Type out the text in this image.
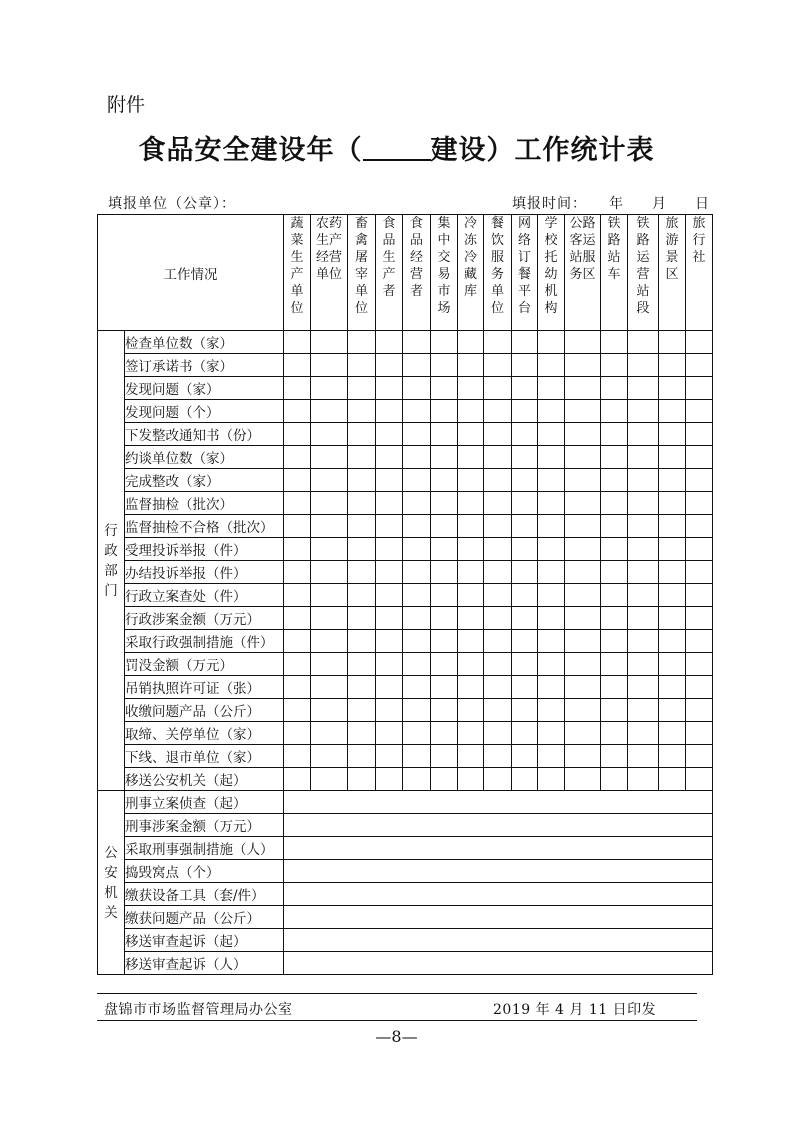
附件
食品安全建设年（	建设）工作统计表
填报单位（公章）：	填报时间： 年 月 日
工作情况		蔬菜生产单位	农药生产经营单位	畜禽屠宰单位	食品生产者	食品经营者	集中交易市场	冷冻冷藏库	餐饮服务单位	网络订餐平台	学校托幼机构	公路客运站服务区	铁路站车	铁路运营站段	旅游景区	旅行社
行政部门	检查单位数（家）															
	签订承诺书（家）															
	发现问题（家）															
	发现问题（个）															
	下发整改通知书（份）															
	约谈单位数（家）															
	完成整改（家）															
	监督抽检（批次）															
	监督抽检不合格（批次）															
	受理投诉举报（件）															
	办结投诉举报（件）															
	行政立案查处（件）															
	行政涉案金额（万元）															
	采取行政强制措施（件）															
	罚没金额（万元）															
	吊销执照许可证（张）															
	收缴问题产品（公斤）															
	取缔、关停单位（家）															
	下线、退市单位（家）															
	移送公安机关（起）															
公安机关	刑事立案侦查（起）															
	刑事涉案金额（万元）															
	采取刑事强制措施（人）															
	捣毁窝点（个）															
	缴获设备工具（套/件）															
	缴获问题产品（公斤）															
	移送审查起诉（起）															
	移送审查起诉（人）															
盘锦市市场监督管理局办公室	2019 年 4 月 11 日印发
—8—
